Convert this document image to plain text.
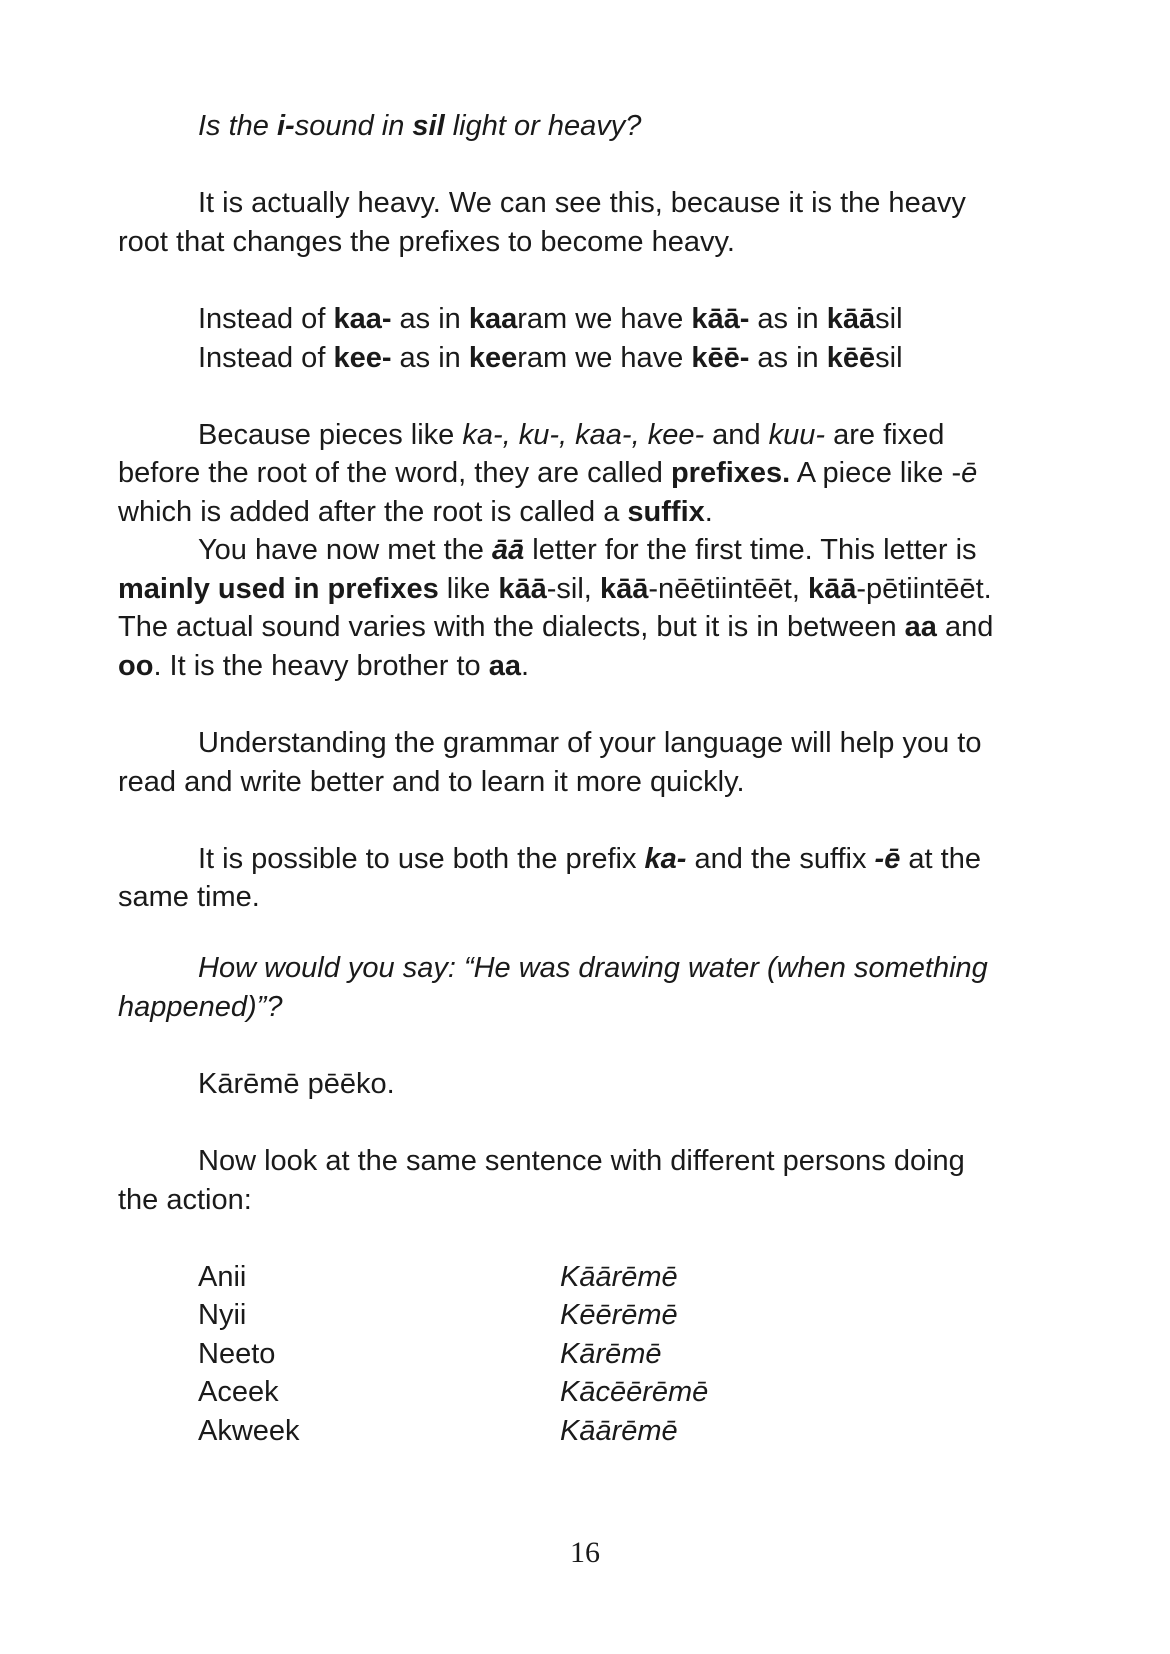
Is the i-sound in sil light or heavy?
It is actually heavy. We can see this, because it is the heavy
root that changes the prefixes to become heavy.
Instead of kaa- as in kaaram we have kāā- as in kāāsil
Instead of kee- as in keeram we have kēē- as in kēēsil
Because pieces like ka-, ku-, kaa-, kee- and kuu- are fixed
before the root of the word, they are called prefixes. A piece like -ē
which is added after the root is called a suffix.
You have now met the āā letter for the first time. This letter is
mainly used in prefixes like kāā-sil, kāā-nēētiintēēt, kāā-pētiintēēt.
The actual sound varies with the dialects, but it is in between aa and
oo. It is the heavy brother to aa.
Understanding the grammar of your language will help you to
read and write better and to learn it more quickly.
It is possible to use both the prefix ka- and the suffix -ē at the
same time.
How would you say: “He was drawing water (when something
happened)”?
Kārēmē pēēko.
Now look at the same sentence with different persons doing
the action:
Anii	Kāārēmē
Nyii	Kēērēmē
Neeto	Kārēmē
Aceek	Kācēērēmē
Akweek	Kāārēmē
16
